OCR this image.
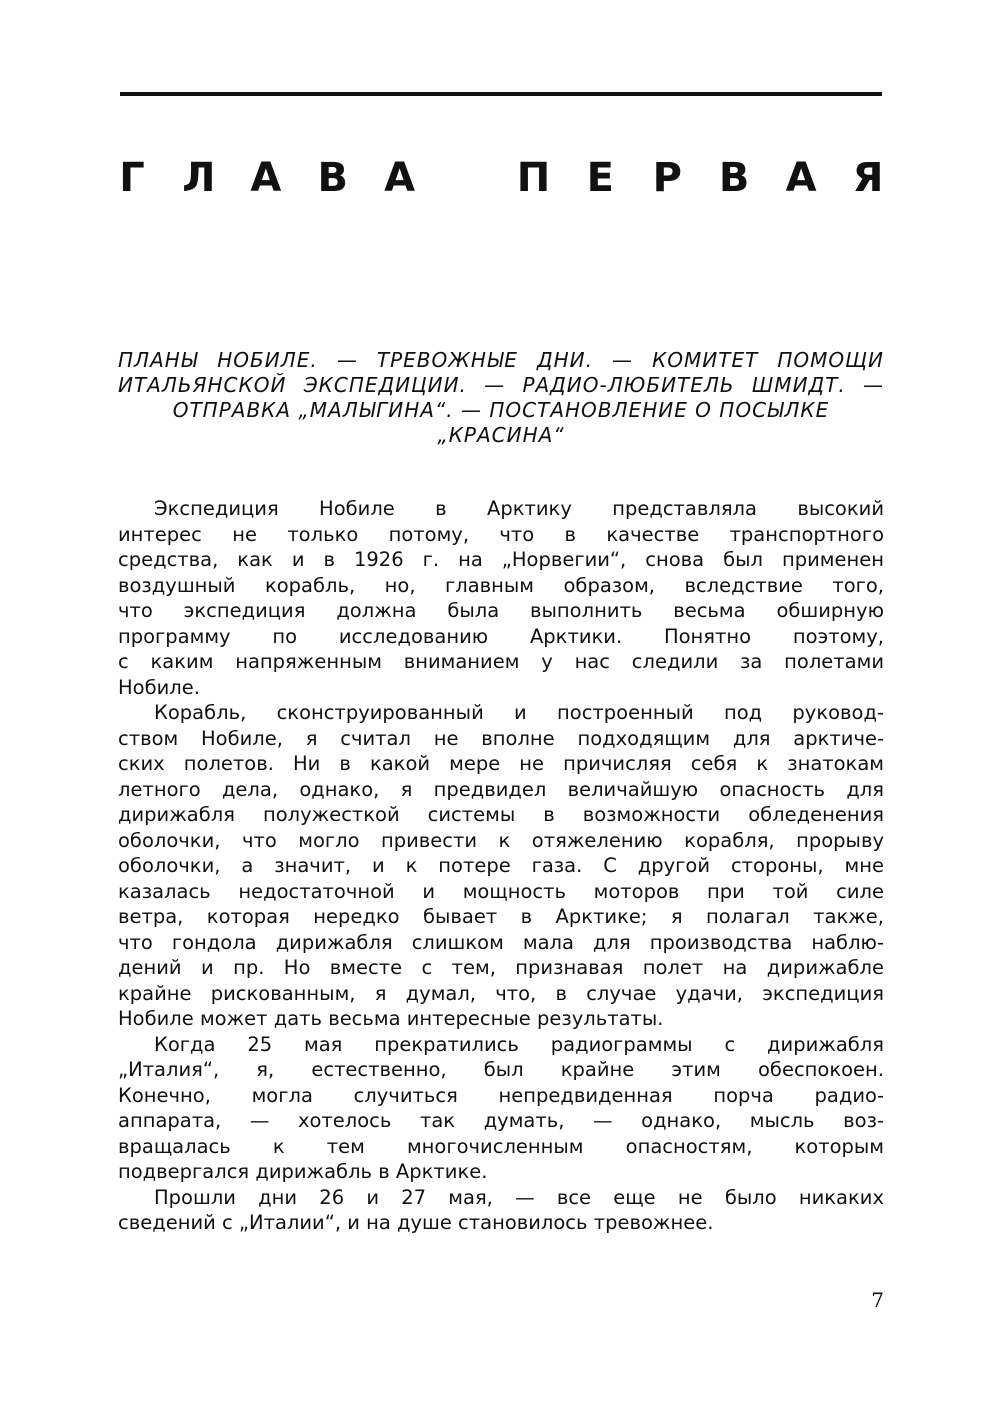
Г Л А В А	П Е Р В А Я
ПЛАНЫ НОБИЛЕ. — ТРЕВОЖНЫЕ ДНИ. — КОМИТЕТ ПОМОЩИ
ИТАЛЬЯНСКОЙ ЭКСПЕДИЦИИ. — РАДИО-ЛЮБИТЕЛЬ ШМИДТ. —
ОТПРАВКА „МАЛЫГИНА“. — ПОСТАНОВЛЕНИЕ О ПОСЫЛКЕ
„КРАСИНА“

Экспедиция Нобиле в Арктику представляла высокий
интерес не только потому, что в качестве транспортного
средства, как и в 1926 г. на „Норвегии“, снова был применен
воздушный корабль, но, главным образом, вследствие того,
что экспедиция должна была выполнить весьма обширную
программу по исследованию Арктики. Понятно поэтому,
с каким напряженным вниманием у нас следили за полетами
Нобиле.

Корабль, сконструированный и построенный под руковод-
ством Нобиле, я считал не вполне подходящим для арктиче-
ских полетов. Ни в какой мере не причисляя себя к знатокам
летного дела, однако, я предвидел величайшую опасность для
дирижабля полужесткой системы в возможности обледенения
оболочки, что могло привести к отяжелению корабля, прорыву
оболочки, а значит, и к потере газа. С другой стороны, мне
казалась недостаточной и мощность моторов при той силе
ветра, которая нередко бывает в Арктике; я полагал также,
что гондола дирижабля слишком мала для производства наблю-
дений и пр. Но вместе с тем, признавая полет на дирижабле
крайне рискованным, я думал, что, в случае удачи, экспедиция
Нобиле может дать весьма интересные результаты.

Когда 25 мая прекратились радиограммы с дирижабля
„Италия“, я, естественно, был крайне этим обеспокоен.
Конечно, могла случиться непредвиденная порча радио-
аппарата, — хотелось так думать, — однако, мысль воз-
вращалась к тем многочисленным опасностям, которым
подвергался дирижабль в Арктике.

Прошли дни 26 и 27 мая, — все еще не было никаких
сведений с „Италии“, и на душе становилось тревожнее.

7
